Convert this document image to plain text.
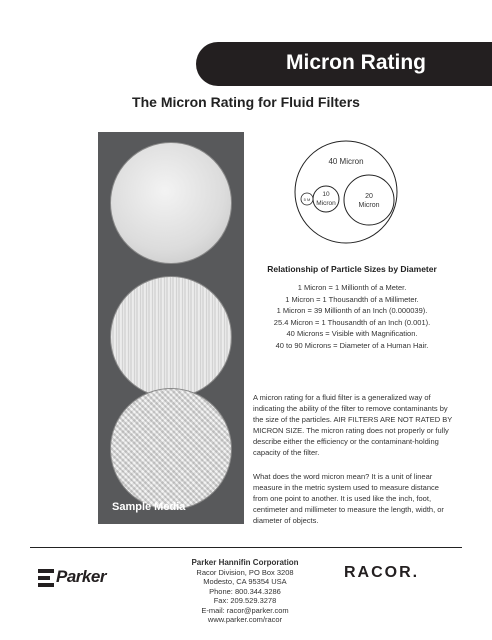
Micron Rating
The Micron Rating for Fluid Filters
Sample Media
40 Micron
20
Micron
10
Micron
5 M
Relationship of Particle Sizes by Diameter
1 Micron = 1 Millionth of a Meter.
1 Micron = 1 Thousandth of a Millimeter.
1 Micron = 39 Millionth of an Inch (0.000039).
25.4 Micron = 1 Thousandth of an Inch (0.001).
40 Microns = Visible with Magnification.
40 to 90 Microns = Diameter of a Human Hair.

A micron rating for a fluid filter is a generalized way of indicating the ability of the filter to remove contaminants by the size of the particles. AIR FILTERS ARE NOT RATED BY MICRON SIZE. The micron rating does not properly or fully describe either the efficiency or the contaminant-holding capacity of the filter.

What does the word micron mean? It is a unit of linear measure in the metric system used to measure distance from one point to another. It is used like the inch, foot, centimeter and millimeter to measure the length, width, or diameter of objects.

Parker
Parker Hannifin Corporation
Racor Division, PO Box 3208
Modesto, CA 95354 USA
Phone: 800.344.3286
Fax: 209.529.3278
E-mail: racor@parker.com
www.parker.com/racor
RACOR.
